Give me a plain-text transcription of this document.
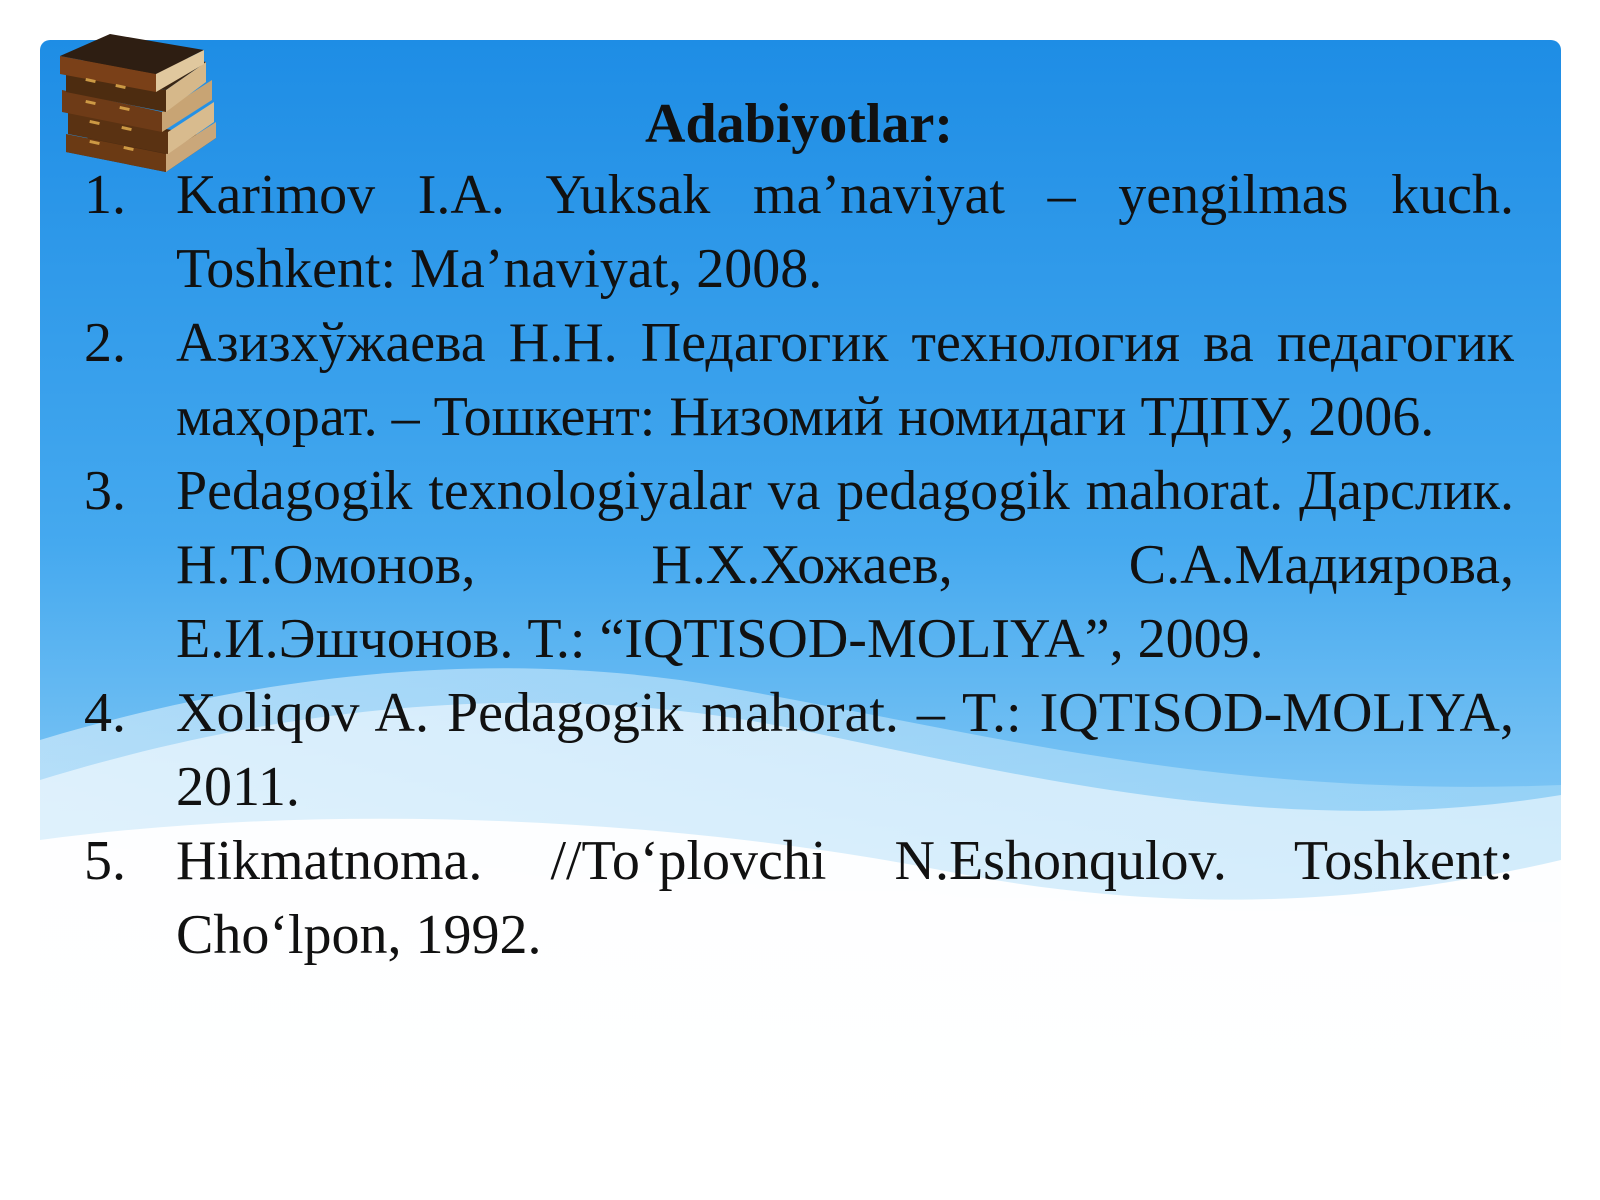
Adabiyotlar:
1. Karimov I.A. Yuksak ma’naviyat – yengilmas kuch. Toshkent: Ma’naviyat, 2008.
2. Азизхўжаева Н.Н. Педагогик технология ва педагогик маҳорат. – Тошкент: Низомий номидаги ТДПУ, 2006.
3. Pedagogik texnologiyalar va pedagogik mahorat. Дарслик. Н.Т.Омонов, Н.Х.Хожаев, С.А.Мадиярова, Е.И.Эшчонов. Т.: “IQTISOD-MOLIYA”, 2009.
4. Xoliqov A. Pedagogik mahorat. – T.: IQTISOD-MOLIYA, 2011.
5. Hikmatnoma. //To‘plovchi N.Eshonqulov. Toshkent: Cho‘lpon, 1992.
